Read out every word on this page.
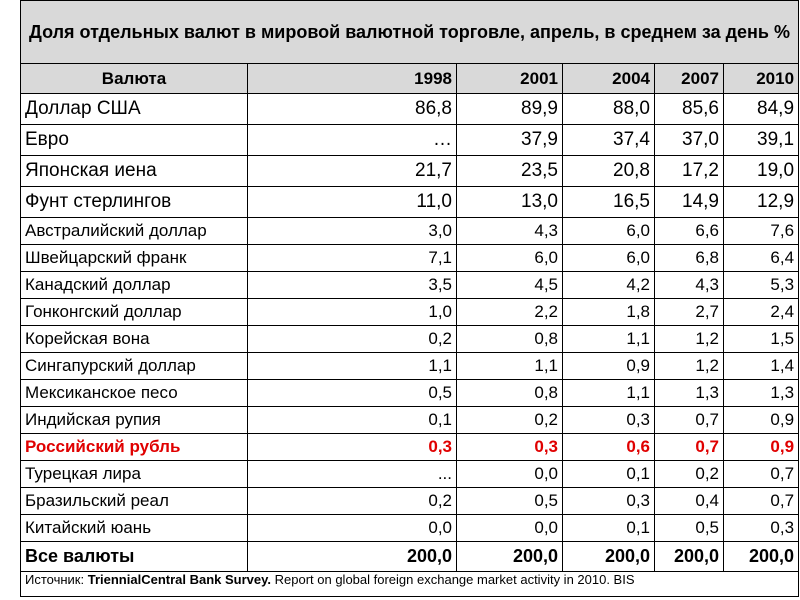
Доля отдельных валют в мировой валютной торговле, апрель, в среднем за день %					
Валюта	1998	2001	2004	2007	2010
Доллар США	86,8	89,9	88,0	85,6	84,9
Евро	…	37,9	37,4	37,0	39,1
Японская иена	21,7	23,5	20,8	17,2	19,0
Фунт стерлингов	11,0	13,0	16,5	14,9	12,9
Австралийский доллар	3,0	4,3	6,0	6,6	7,6
Швейцарский франк	7,1	6,0	6,0	6,8	6,4
Канадский доллар	3,5	4,5	4,2	4,3	5,3
Гонконгский доллар	1,0	2,2	1,8	2,7	2,4
Корейская вона	0,2	0,8	1,1	1,2	1,5
Сингапурский доллар	1,1	1,1	0,9	1,2	1,4
Мексиканское песо	0,5	0,8	1,1	1,3	1,3
Индийская рупия	0,1	0,2	0,3	0,7	0,9
Российский рубль	0,3	0,3	0,6	0,7	0,9
Турецкая лира	...	0,0	0,1	0,2	0,7
Бразильский реал	0,2	0,5	0,3	0,4	0,7
Китайский юань	0,0	0,0	0,1	0,5	0,3
Все валюты	200,0	200,0	200,0	200,0	200,0
Источник: TriennialCentral Bank Survey. Report on global foreign exchange market activity in 2010. BIS					
